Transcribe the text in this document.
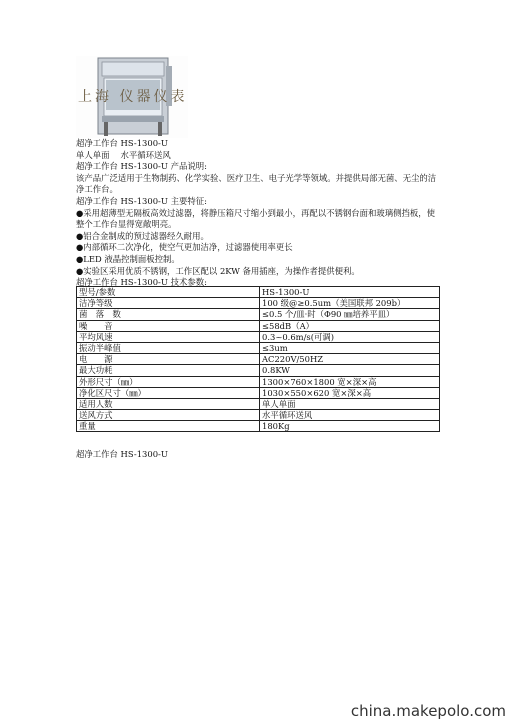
上海 仪器仪表
超净工作台 HS-1300-U
单人单面　 水平循环送风
超净工作台 HS-1300-U 产品说明:
该产品广泛适用于生物制药、化学实验、医疗卫生、电子光学等领域。并提供局部无菌、无尘的洁净工作台。
超净工作台 HS-1300-U 主要特征:
●采用超薄型无隔板高效过滤器，将静压箱尺寸缩小到最小，再配以不锈钢台面和玻璃侧挡板，使整个工作台显得宽敞明亮。
●铝合金制成的预过滤器经久耐用。
●内部循环二次净化，使空气更加洁净，过滤器使用率更长
●LED 液晶控制面板控制。
●实验区采用优质不锈钢，工作区配以 2KW 备用插座，为操作者提供便利。
超净工作台 HS-1300-U 技术参数:
型号/参数	HS-1300-U
洁净等级	100 级@≥0.5um（美国联邦 209b）
菌　落　数	≤0.5 个/皿·时（Φ90 ㎜培养平皿）
噪　　音	≤58dB（A）
平均风速	0.3~0.6m/s(可调)
振动半峰值	≤3um
电　　源	AC220V/50HZ
最大功耗	0.8KW
外形尺寸（㎜）	1300×760×1800 宽×深×高
净化区尺寸（㎜）	1030×550×620 宽×深×高
适用人数	单人单面
送风方式	水平循环送风
重量	180Kg
超净工作台 HS-1300-U
china.makepolo.com
